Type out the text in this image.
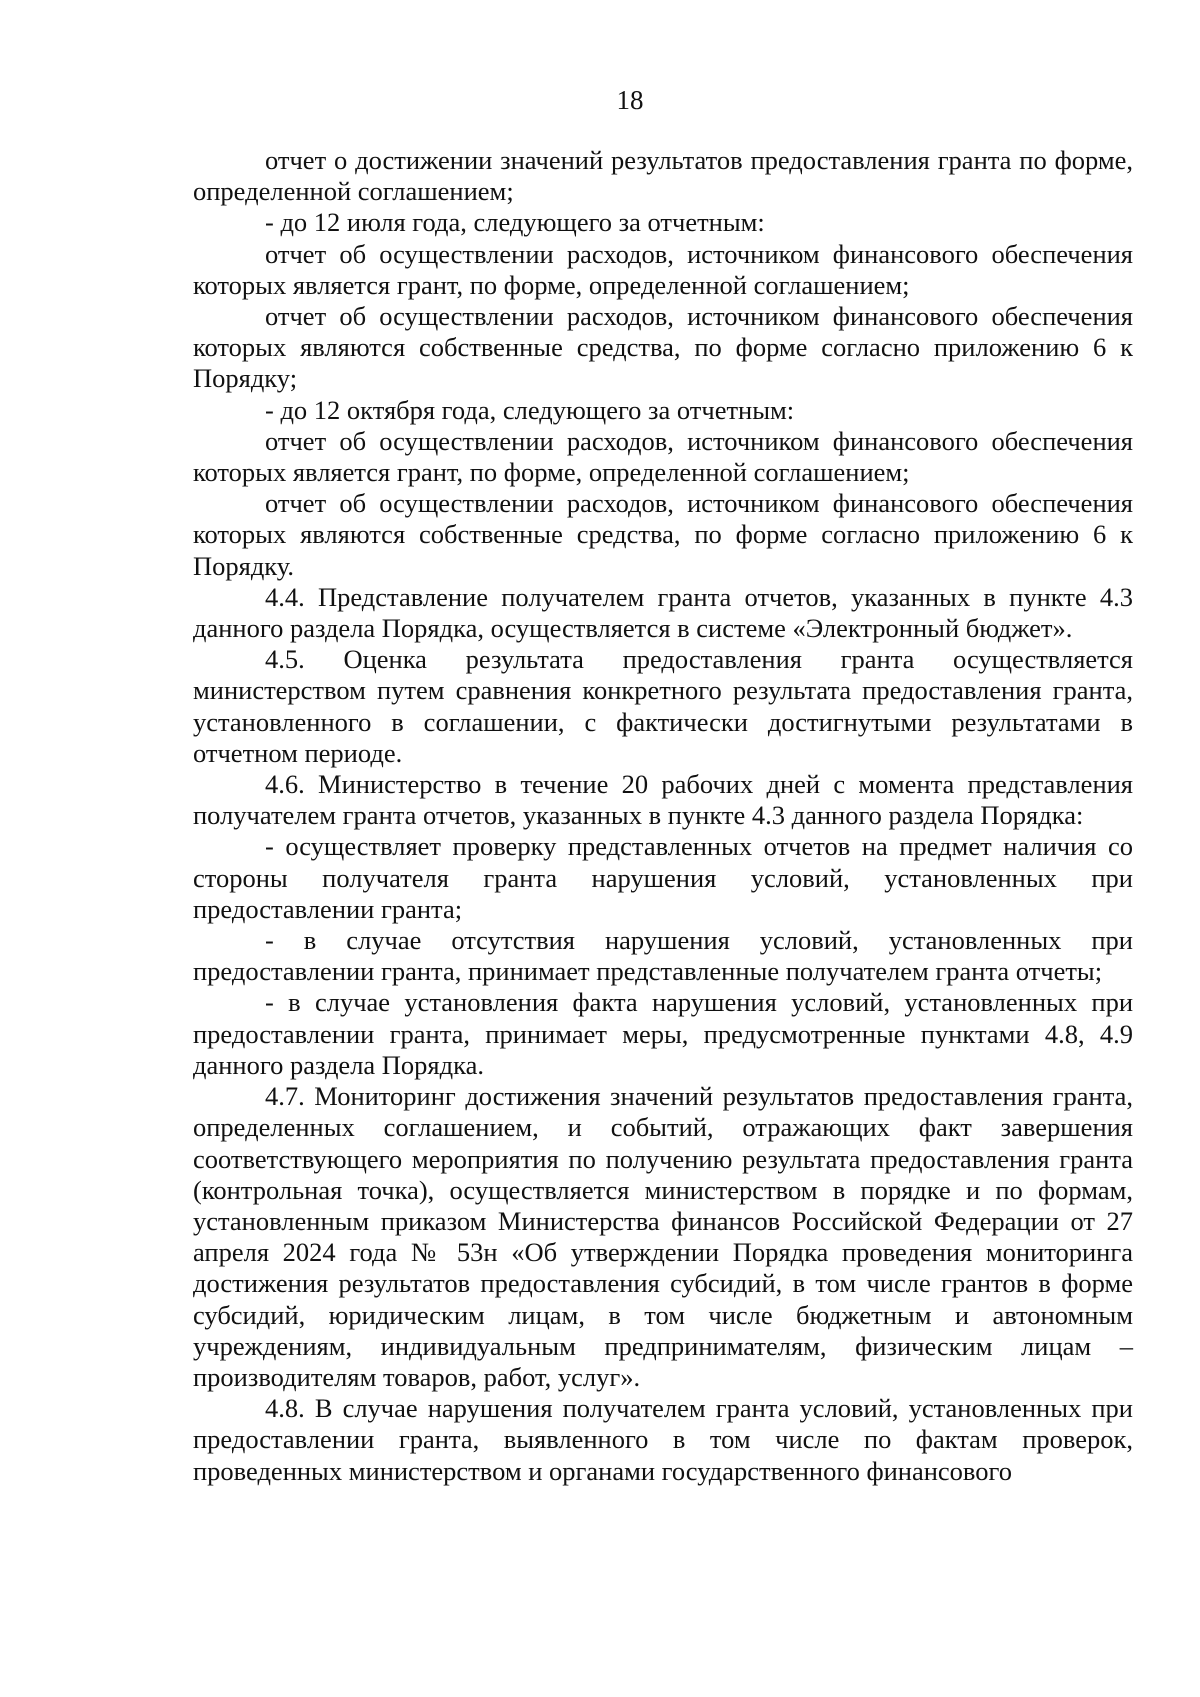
18

отчет о достижении значений результатов предоставления гранта по форме, определенной соглашением;

- до 12 июля года, следующего за отчетным:

отчет об осуществлении расходов, источником финансового обеспечения которых является грант, по форме, определенной соглашением;

отчет об осуществлении расходов, источником финансового обеспечения которых являются собственные средства, по форме согласно приложению 6 к Порядку;

- до 12 октября года, следующего за отчетным:

отчет об осуществлении расходов, источником финансового обеспечения которых является грант, по форме, определенной соглашением;

отчет об осуществлении расходов, источником финансового обеспечения которых являются собственные средства, по форме согласно приложению 6 к Порядку.

4.4. Представление получателем гранта отчетов, указанных в пункте 4.3 данного раздела Порядка, осуществляется в системе «Электронный бюджет».

4.5. Оценка результата предоставления гранта осуществляется министерством путем сравнения конкретного результата предоставления гранта, установленного в соглашении, с фактически достигнутыми результатами в отчетном периоде.

4.6. Министерство в течение 20 рабочих дней с момента представления получателем гранта отчетов, указанных в пункте 4.3 данного раздела Порядка:

- осуществляет проверку представленных отчетов на предмет наличия со стороны получателя гранта нарушения условий, установленных при предоставлении гранта;

- в случае отсутствия нарушения условий, установленных при предоставлении гранта, принимает представленные получателем гранта отчеты;

- в случае установления факта нарушения условий, установленных при предоставлении гранта, принимает меры, предусмотренные пунктами 4.8, 4.9 данного раздела Порядка.

4.7. Мониторинг достижения значений результатов предоставления гранта, определенных соглашением, и событий, отражающих факт завершения соответствующего мероприятия по получению результата предоставления гранта (контрольная точка), осуществляется министерством в порядке и по формам, установленным приказом Министерства финансов Российской Федерации от 27 апреля 2024 года № 53н «Об утверждении Порядка проведения мониторинга достижения результатов предоставления субсидий, в том числе грантов в форме субсидий, юридическим лицам, в том числе бюджетным и автономным учреждениям, индивидуальным предпринимателям, физическим лицам – производителям товаров, работ, услуг».

4.8. В случае нарушения получателем гранта условий, установленных при предоставлении гранта, выявленного в том числе по фактам проверок, проведенных министерством и органами государственного финансового
